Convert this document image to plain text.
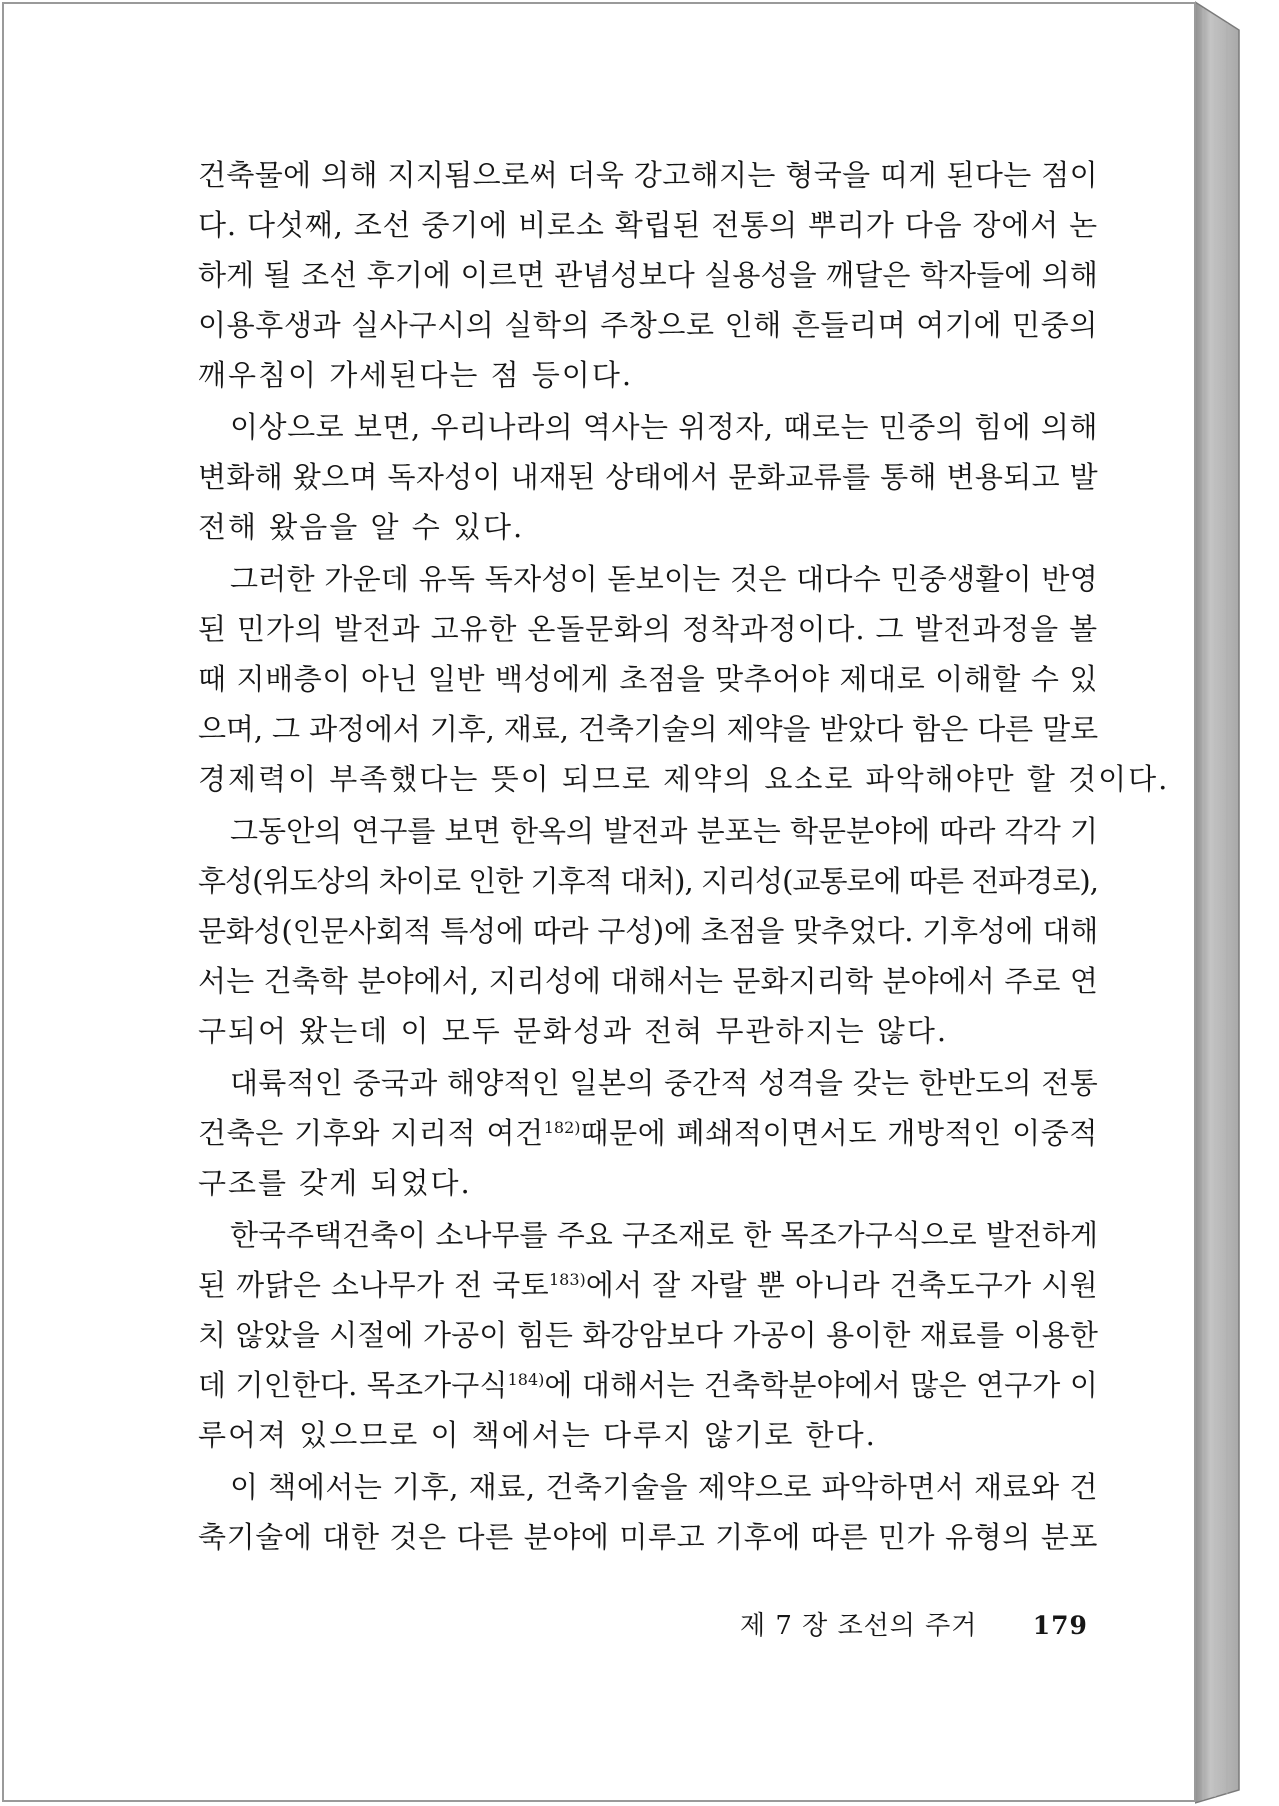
건축물에 의해 지지됨으로써 더욱 강고해지는 형국을 띠게 된다는 점이
다. 다섯째, 조선 중기에 비로소 확립된 전통의 뿌리가 다음 장에서 논
하게 될 조선 후기에 이르면 관념성보다 실용성을 깨달은 학자들에 의해
이용후생과 실사구시의 실학의 주창으로 인해 흔들리며 여기에 민중의
깨우침이 가세된다는 점 등이다.
이상으로 보면, 우리나라의 역사는 위정자, 때로는 민중의 힘에 의해
변화해 왔으며 독자성이 내재된 상태에서 문화교류를 통해 변용되고 발
전해 왔음을 알 수 있다.
그러한 가운데 유독 독자성이 돋보이는 것은 대다수 민중생활이 반영
된 민가의 발전과 고유한 온돌문화의 정착과정이다. 그 발전과정을 볼
때 지배층이 아닌 일반 백성에게 초점을 맞추어야 제대로 이해할 수 있
으며, 그 과정에서 기후, 재료, 건축기술의 제약을 받았다 함은 다른 말로
경제력이 부족했다는 뜻이 되므로 제약의 요소로 파악해야만 할 것이다.
그동안의 연구를 보면 한옥의 발전과 분포는 학문분야에 따라 각각 기
후성(위도상의 차이로 인한 기후적 대처), 지리성(교통로에 따른 전파경로),
문화성(인문사회적 특성에 따라 구성)에 초점을 맞추었다. 기후성에 대해
서는 건축학 분야에서, 지리성에 대해서는 문화지리학 분야에서 주로 연
구되어 왔는데 이 모두 문화성과 전혀 무관하지는 않다.
대륙적인 중국과 해양적인 일본의 중간적 성격을 갖는 한반도의 전통
건축은 기후와 지리적 여건$^{182)}$때문에 폐쇄적이면서도 개방적인 이중적
구조를 갖게 되었다.
한국주택건축이 소나무를 주요 구조재로 한 목조가구식으로 발전하게
된 까닭은 소나무가 전 국토$^{183)}$에서 잘 자랄 뿐 아니라 건축도구가 시원
치 않았을 시절에 가공이 힘든 화강암보다 가공이 용이한 재료를 이용한
데 기인한다. 목조가구식$^{184)}$에 대해서는 건축학분야에서 많은 연구가 이
루어져 있으므로 이 책에서는 다루지 않기로 한다.
이 책에서는 기후, 재료, 건축기술을 제약으로 파악하면서 재료와 건
축기술에 대한 것은 다른 분야에 미루고 기후에 따른 민가 유형의 분포
제 7 장 조선의 주거 179
